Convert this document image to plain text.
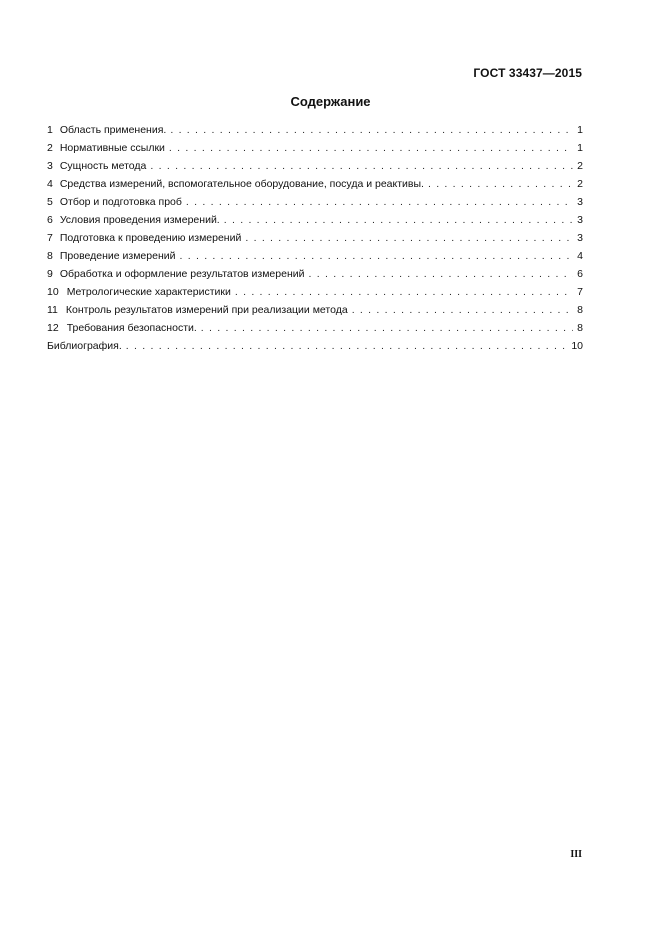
ГОСТ 33437—2015
Содержание
1 Область применения. . . .	1
2 Нормативные ссылки . . .	1
3 Сущность метода . . .	2
4 Средства измерений, вспомогательное оборудование, посуда и реактивы. . . .	2
5 Отбор и подготовка проб . . .	3
6 Условия проведения измерений. . . .	3
7 Подготовка к проведению измерений . . .	3
8 Проведение измерений . . .	4
9 Обработка и оформление результатов измерений . . .	6
10 Метрологические характеристики . . .	7
11 Контроль результатов измерений при реализации метода . . .	8
12 Требования безопасности. . . .	8
Библиография. . . .	10
III
